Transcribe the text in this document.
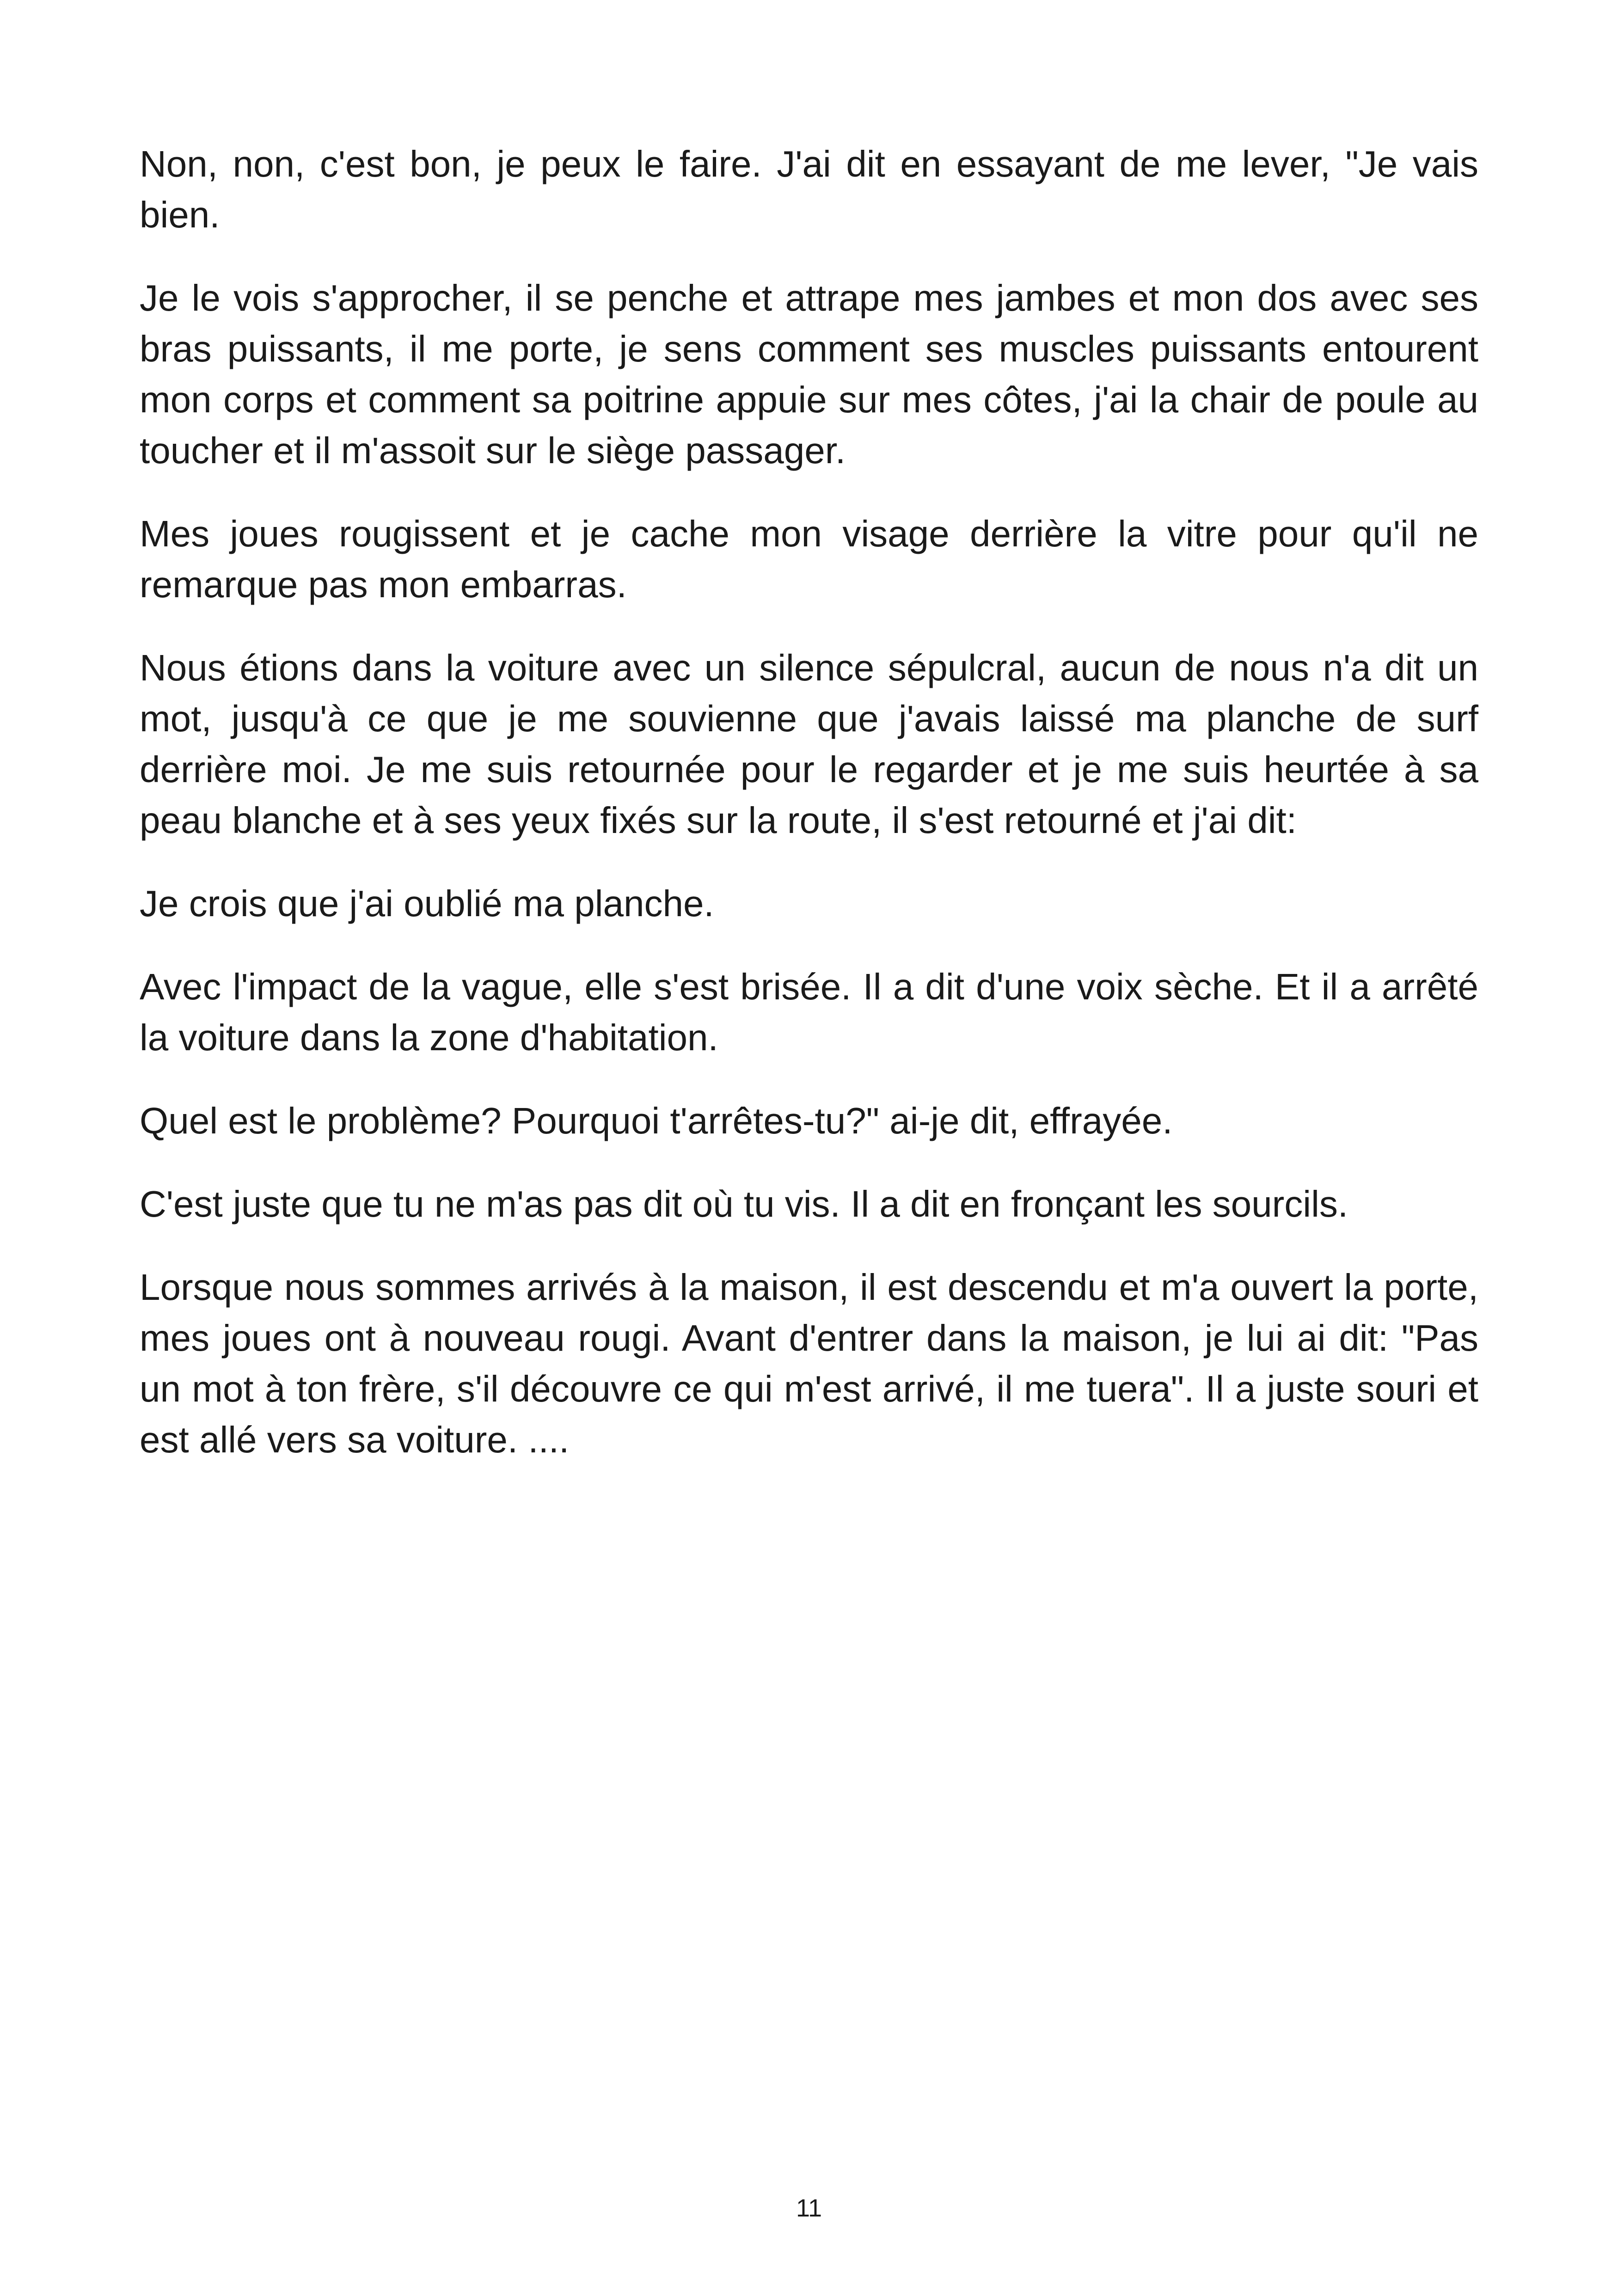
Non, non, c'est bon, je peux le faire. J'ai dit en essayant de me lever, "Je vais bien.

Je le vois s'approcher, il se penche et attrape mes jambes et mon dos avec ses bras puissants, il me porte, je sens comment ses muscles puissants entourent mon corps et comment sa poitrine appuie sur mes côtes, j'ai la chair de poule au toucher et il m'assoit sur le siège passager.

Mes joues rougissent et je cache mon visage derrière la vitre pour qu'il ne remarque pas mon embarras.

Nous étions dans la voiture avec un silence sépulcral, aucun de nous n'a dit un mot, jusqu'à ce que je me souvienne que j'avais laissé ma planche de surf derrière moi. Je me suis retournée pour le regarder et je me suis heurtée à sa peau blanche et à ses yeux fixés sur la route, il s'est retourné et j'ai dit:

Je crois que j'ai oublié ma planche.

Avec l'impact de la vague, elle s'est brisée. Il a dit d'une voix sèche. Et il a arrêté la voiture dans la zone d'habitation.

Quel est le problème? Pourquoi t'arrêtes-tu?" ai-je dit, effrayée.

C'est juste que tu ne m'as pas dit où tu vis. Il a dit en fronçant les sourcils.

Lorsque nous sommes arrivés à la maison, il est descendu et m'a ouvert la porte, mes joues ont à nouveau rougi. Avant d'entrer dans la maison, je lui ai dit: "Pas un mot à ton frère, s'il découvre ce qui m'est arrivé, il me tuera". Il a juste souri et est allé vers sa voiture. ....

11
